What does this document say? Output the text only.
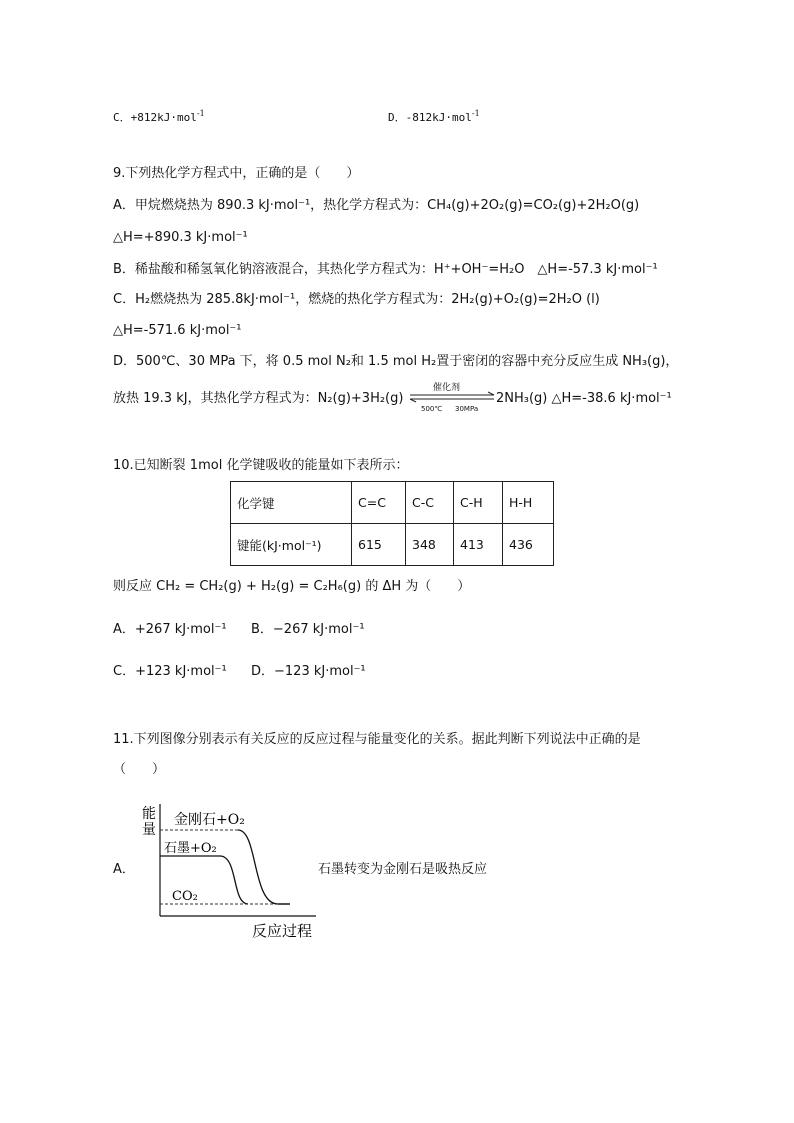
C．+812kJ·mol$^{-1}$	D．-812kJ·mol$^{-1}$
9.下列热化学方程式中，正确的是（　　）
A．甲烷燃烧热为 890.3 kJ·mol⁻¹，热化学方程式为：CH₄(g)+2O₂(g)=CO₂(g)+2H₂O(g)
△H=+890.3 kJ·mol⁻¹
B．稀盐酸和稀氢氧化钠溶液混合，其热化学方程式为：H⁺+OH⁻=H₂O　△H=-57.3 kJ·mol⁻¹
C．H₂燃烧热为 285.8kJ·mol⁻¹，燃烧的热化学方程式为：2H₂(g)+O₂(g)=2H₂O (l)
△H=-571.6 kJ·mol⁻¹
D．500℃、30 MPa 下，将 0.5 mol N₂和 1.5 mol H₂置于密闭的容器中充分反应生成 NH₃(g)，
放热 19.3 kJ，其热化学方程式为：N₂(g)+3H₂(g)
催化剂
500℃ 30MPa
2NH₃(g) △H=-38.6 kJ·mol⁻¹
10.已知断裂 1mol 化学键吸收的能量如下表所示：
化学键	C=C	C-C	C-H	H-H
键能(kJ·mol⁻¹)	615	348	413	436
则反应 CH₂ = CH₂(g) + H₂(g) = C₂H₆(g) 的 ΔH 为（　　）
A．+267 kJ·mol⁻¹ B．−267 kJ·mol⁻¹
C．+123 kJ·mol⁻¹ D．−123 kJ·mol⁻¹
11.下列图像分别表示有关反应的反应过程与能量变化的关系。据此判断下列说法中正确的是
（　　）
A．	石墨转变为金刚石是吸热反应
能
量
金刚石+O₂
石墨+O₂
CO₂
反应过程
